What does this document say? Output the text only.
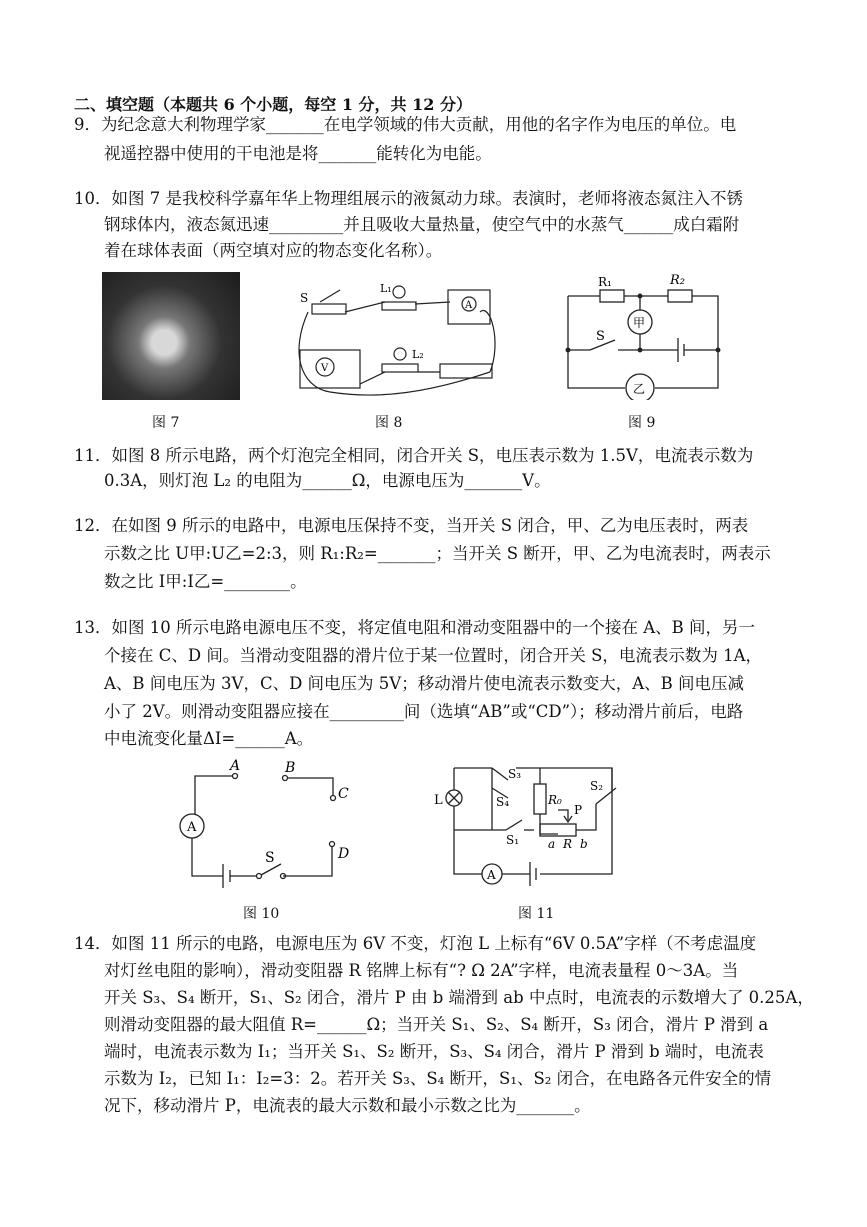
二、填空题（本题共 6 个小题，每空 1 分，共 12 分）
9．为纪念意大利物理学家_______在电学领域的伟大贡献，用他的名字作为电压的单位。电
视遥控器中使用的干电池是将_______能转化为电能。
10．如图 7 是我校科学嘉年华上物理组展示的液氮动力球。表演时，老师将液态氮注入不锈
钢球体内，液态氮迅速_________并且吸收大量热量，使空气中的水蒸气______成白霜附
着在球体表面（两空填对应的物态变化名称）。
图 7
S
L₁
L₂
A
V
图 8
R₁	R₂
S
甲
乙
图 9
11．如图 8 所示电路，两个灯泡完全相同，闭合开关 S，电压表示数为 1.5V，电流表示数为
0.3A，则灯泡 L₂ 的电阻为______Ω，电源电压为_______V。
12．在如图 9 所示的电路中，电源电压保持不变，当开关 S 闭合，甲、乙为电压表时，两表
示数之比 U甲:U乙=2:3，则 R₁:R₂=_______；当开关 S 断开，甲、乙为电流表时，两表示
数之比 I甲:I乙=________。
13．如图 10 所示电路电源电压不变，将定值电阻和滑动变阻器中的一个接在 A、B 间，另一
个接在 C、D 间。当滑动变阻器的滑片位于某一位置时，闭合开关 S，电流表示数为 1A，
A、B 间电压为 3V，C、D 间电压为 5V；移动滑片使电流表示数变大，A、B 间电压减
小了 2V。则滑动变阻器应接在_________间（选填“AB”或“CD”）；移动滑片前后，电路
中电流变化量ΔI=______A。
A	B
C
D
S
A
图 10
S₃
S₄
S₂
S₁
R₀
P
L
a R b
A
图 11
14．如图 11 所示的电路，电源电压为 6V 不变，灯泡 L 上标有“6V 0.5A”字样（不考虑温度
对灯丝电阻的影响），滑动变阻器 R 铭牌上标有“? Ω 2A”字样，电流表量程 0～3A。当
开关 S₃、S₄ 断开，S₁、S₂ 闭合，滑片 P 由 b 端滑到 ab 中点时，电流表的示数增大了 0.25A，
则滑动变阻器的最大阻值 R=______Ω；当开关 S₁、S₂、S₄ 断开，S₃ 闭合，滑片 P 滑到 a
端时，电流表示数为 I₁；当开关 S₁、S₂ 断开，S₃、S₄ 闭合，滑片 P 滑到 b 端时，电流表
示数为 I₂，已知 I₁：I₂=3：2。若开关 S₃、S₄ 断开，S₁、S₂ 闭合，在电路各元件安全的情
况下，移动滑片 P，电流表的最大示数和最小示数之比为_______。
